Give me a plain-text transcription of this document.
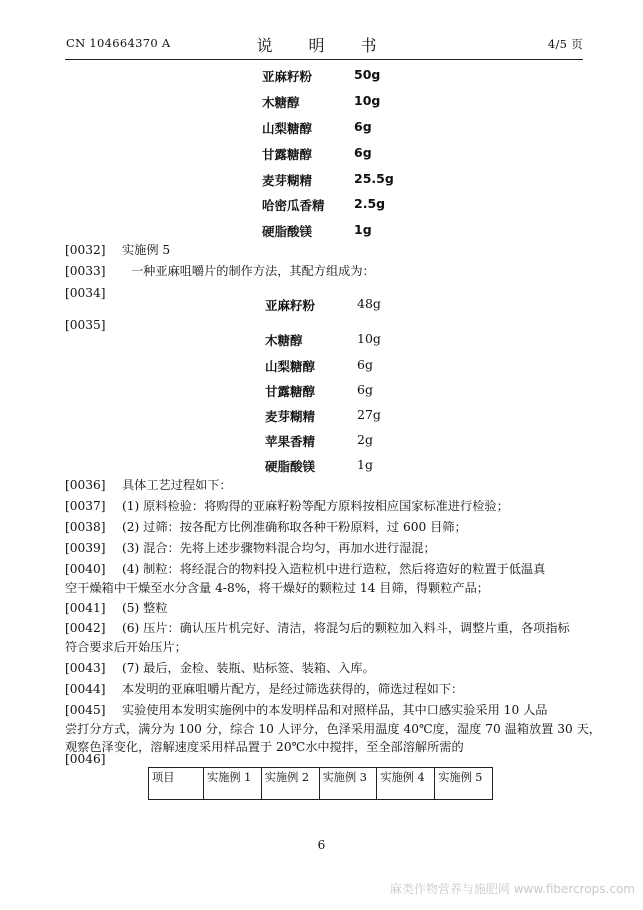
CN 104664370 A	说　明　书	4/5 页
亚麻籽粉	50g
木糖醇	10g
山梨糖醇	6g
甘露糖醇	6g
麦芽糊精	25.5g
哈密瓜香精 2.5g
硬脂酸镁	1g
[0032] 实施例 5
[0033] 一种亚麻咀嚼片的制作方法，其配方组成为：
[0034]
亚麻籽粉	48g
[0035]
木糖醇	10g
山梨糖醇	6g
甘露糖醇	6g
麦芽糊精	27g
苹果香精	2g
硬脂酸镁	1g
[0036] 具体工艺过程如下：
[0037] (1) 原料检验：将购得的亚麻籽粉等配方原料按相应国家标准进行检验；
[0038] (2) 过筛：按各配方比例准确称取各种干粉原料，过 600 目筛；
[0039] (3) 混合：先将上述步骤物料混合均匀，再加水进行湿混；
[0040] (4) 制粒：将经混合的物料投入造粒机中进行造粒，然后将造好的粒置于低温真
空干燥箱中干燥至水分含量 4-8%，将干燥好的颗粒过 14 目筛，得颗粒产品；
[0041] (5) 整粒
[0042] (6) 压片：确认压片机完好、清洁，将混匀后的颗粒加入料斗，调整片重，各项指标
符合要求后开始压片；
[0043] (7) 最后，金检、装瓶、贴标签、装箱、入库。
[0044] 本发明的亚麻咀嚼片配方，是经过筛选获得的，筛选过程如下：
[0045] 实验使用本发明实施例中的本发明样品和对照样品，其中口感实验采用 10 人品
尝打分方式，满分为 100 分，综合 10 人评分，色泽采用温度 40℃度，湿度 70 温箱放置 30 天，
观察色泽变化，溶解速度采用样品置于 20℃水中搅拌，至全部溶解所需的
[0046]
项目	实施例 1	实施例 2	实施例 3	实施例 4	实施例 5
6
麻类作物营养与施肥网 www.fibercrops.com
